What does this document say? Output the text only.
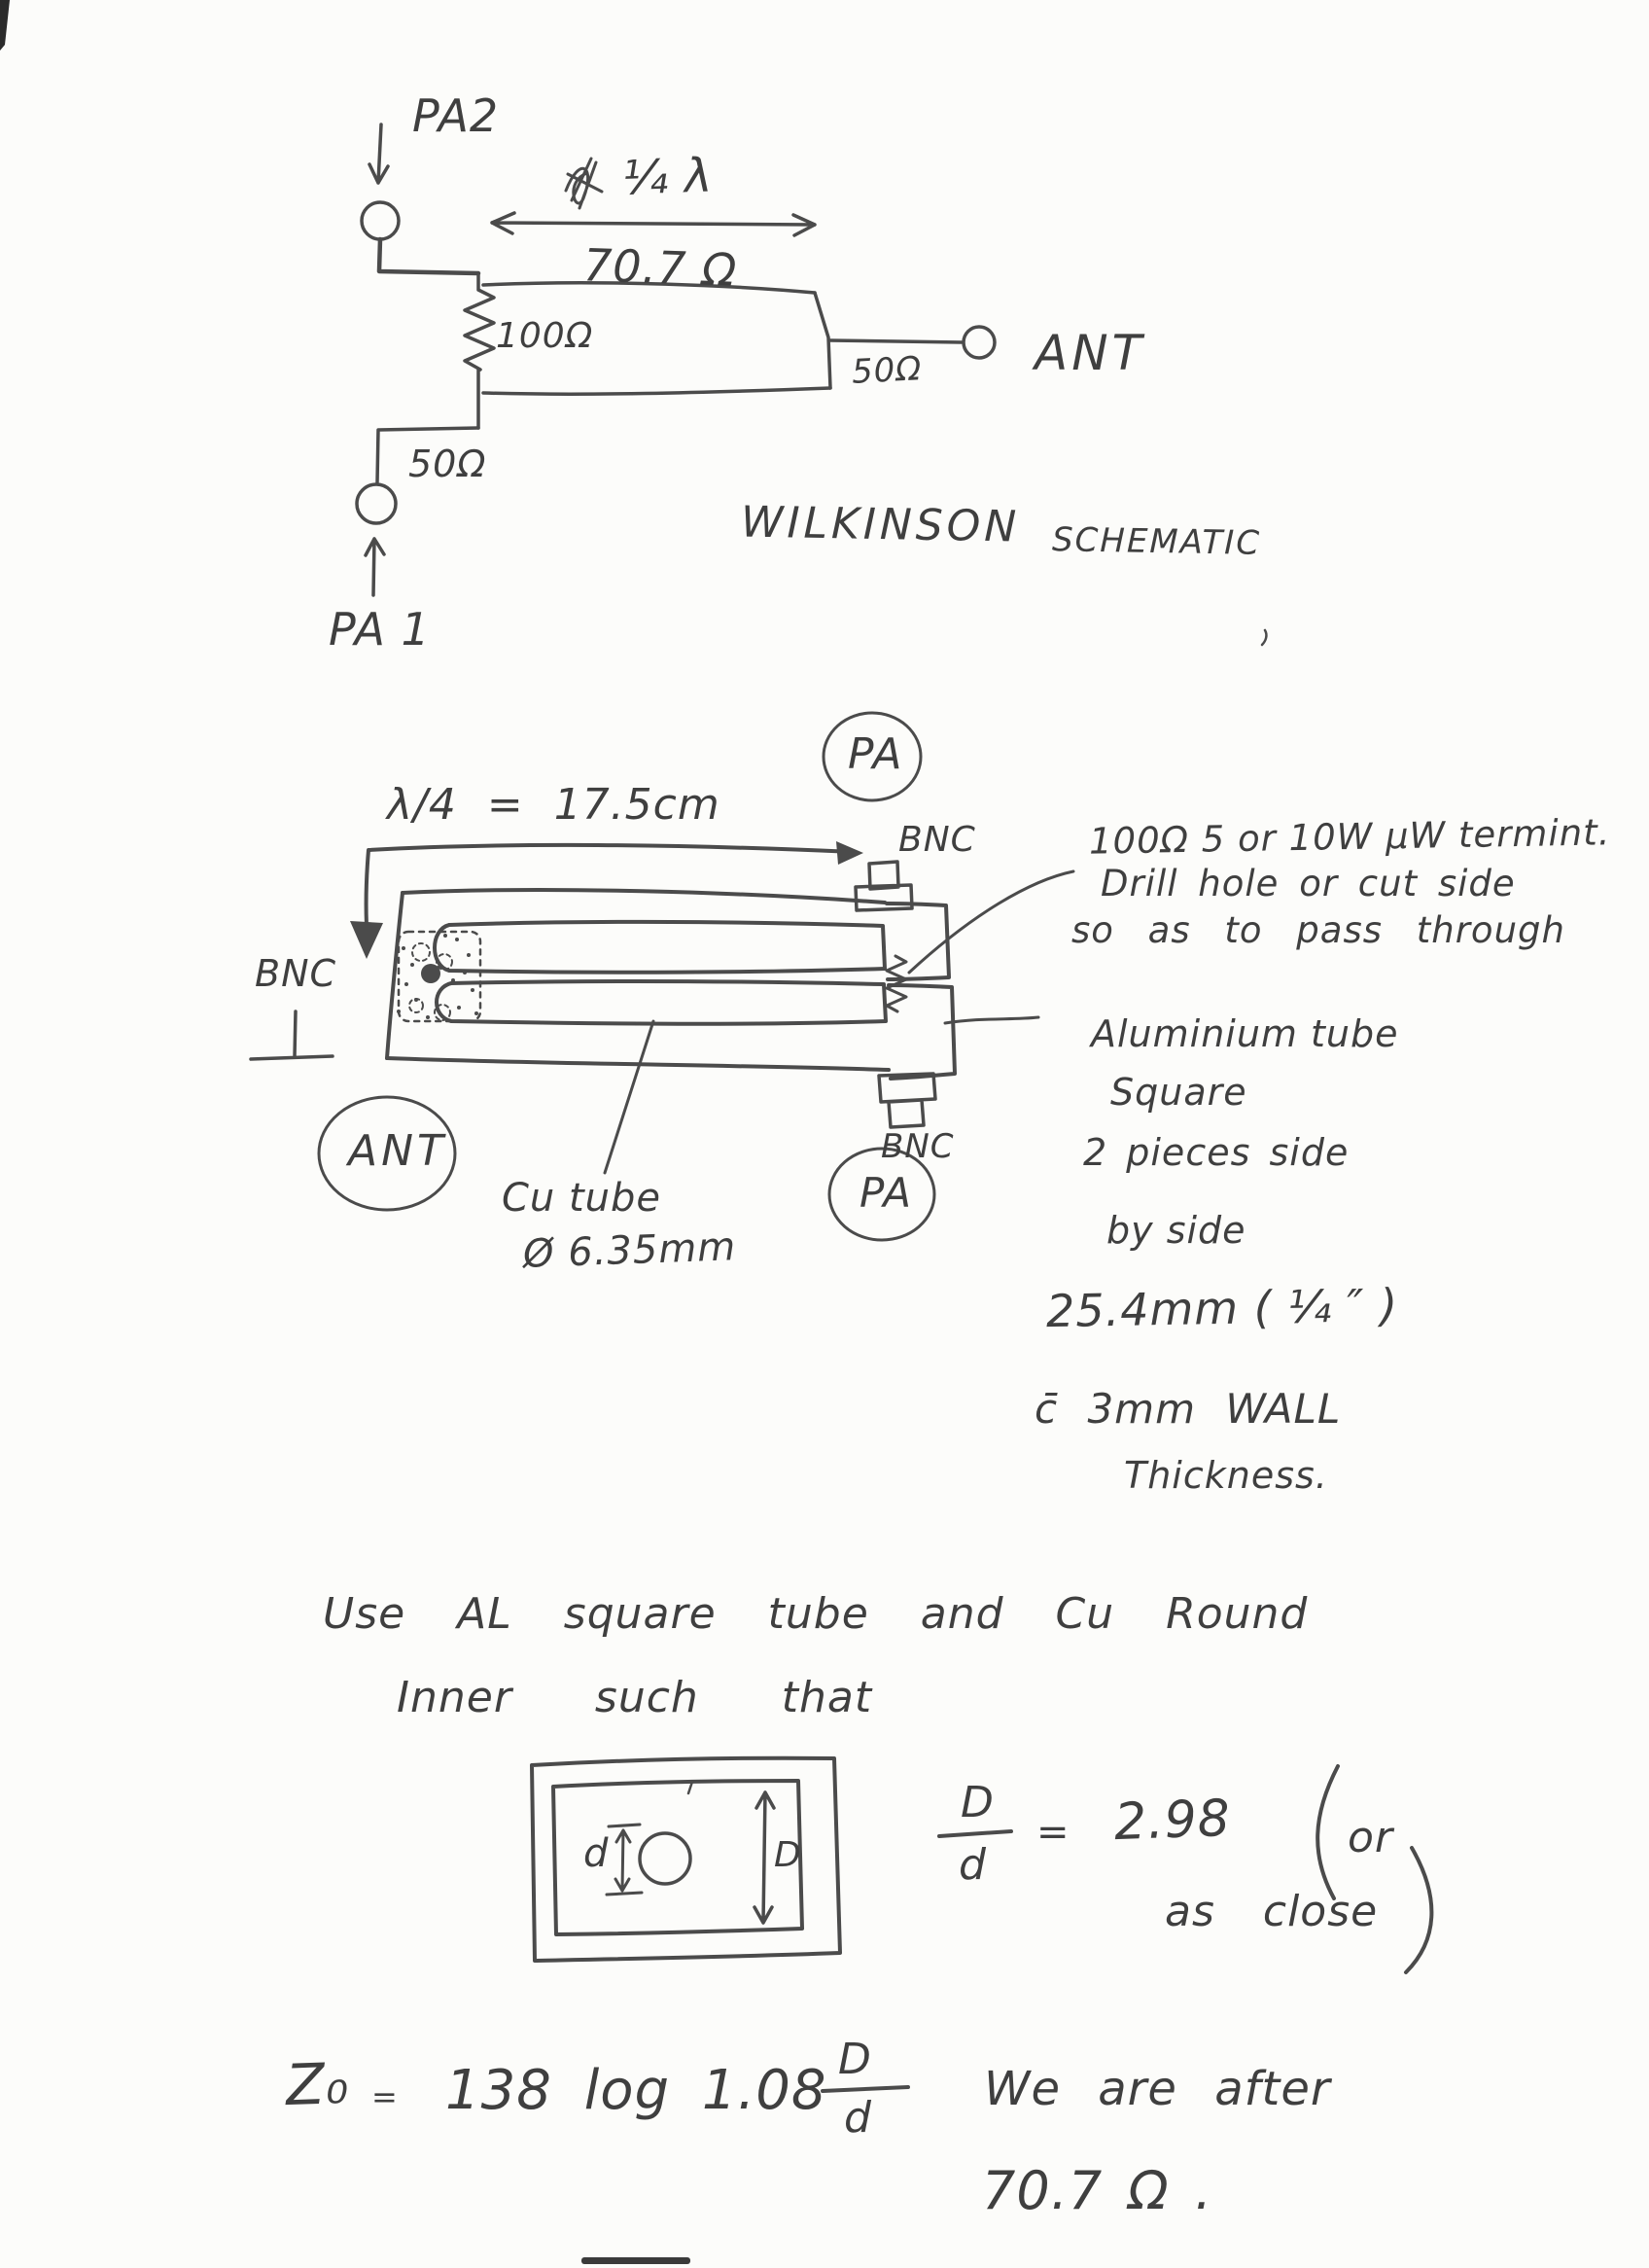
PA2
¼ λ
70.7 Ω
100Ω
50Ω ANT
50Ω
PA 1
WILKINSON SCHEMATIC
λ/4 = 17.5cm
PA
BNC
BNC
ANT
Cu tube
Ø 6.35mm
BNC
PA
100Ω 5 or 10W µW termint.
Drill hole or cut side
so as to pass through
Aluminium tube
Square
2 pieces side
by side
25.4mm ( ¼ ″ )
c̄ 3mm WALL
Thickness.
Use AL square tube and Cu Round
Inner such that
d	D
D
d
= 2.98	or
as close
Z₀ = 138 log 1.08 D
d
We are after
70.7 Ω .
